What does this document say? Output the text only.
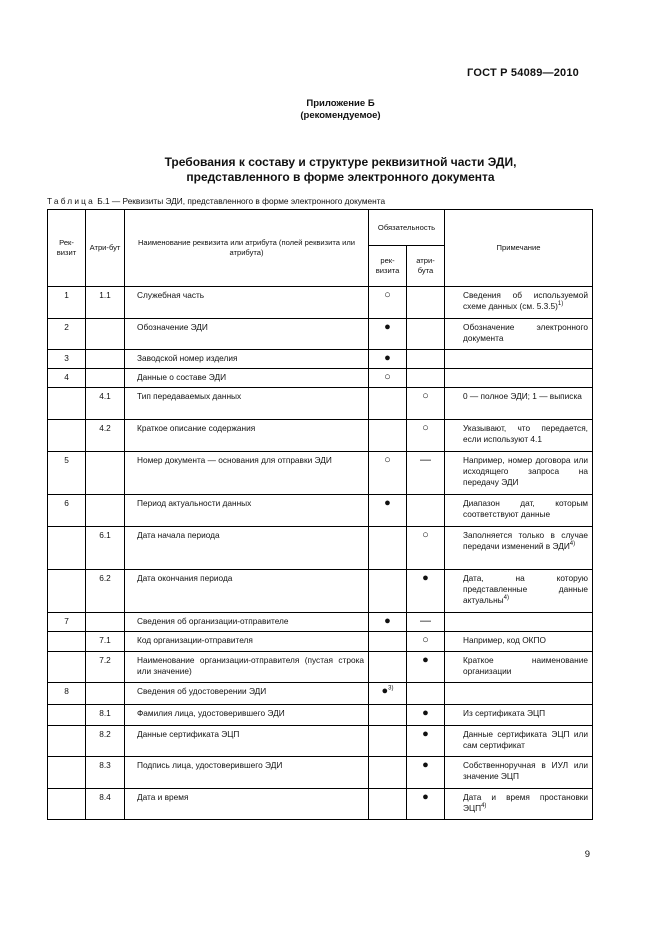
ГОСТ Р 54089—2010
Приложение Б
(рекомендуемое)
Требования к составу и структуре реквизитной части ЭДИ,
представленного в форме электронного документа
Таблица Б.1 — Реквизиты ЭДИ, представленного в форме электронного документа
Рек-визит	Атри-бут	Наименование реквизита или атрибута (полей реквизита или атрибута)	Обязательность		Примечание
			рек-визита	атри-бута	
1	1.1	Служебная часть	○		Сведения об используемой схеме данных (см. 5.3.5)$^{1)}$
2		Обозначение ЭДИ	●		Обозначение электронного документа
3		Заводской номер изделия	●		
4		Данные о составе ЭДИ	○		
	4.1	Тип передаваемых данных		○	0 — полное ЭДИ; 1 — выписка
	4.2	Краткое описание содержания		○	Указывают, что передается, если используют 4.1
5		Номер документа — основания для отправки ЭДИ	○	—	Например, номер договора или исходящего запроса на передачу ЭДИ
6		Период актуальности данных	●		Диапазон дат, которым соответствуют данные
	6.1	Дата начала периода		○	Заполняется только в случае передачи изменений в ЭДИ$^{4)}$
	6.2	Дата окончания периода		●	Дата, на которую представленные данные актуальны$^{4)}$
7		Сведения об организации-отправителе	●	—	
	7.1	Код организации-отправителя		○	Например, код ОКПО
	7.2	Наименование организации-отправителя (пустая строка или значение)		●	Краткое наименование организации
8		Сведения об удостоверении ЭДИ	●$^{3)}$		
	8.1	Фамилия лица, удостоверившего ЭДИ		●	Из сертификата ЭЦП
	8.2	Данные сертификата ЭЦП		●	Данные сертификата ЭЦП или сам сертификат
	8.3	Подпись лица, удостоверившего ЭДИ		●	Собственноручная в ИУЛ или значение ЭЦП
	8.4	Дата и время		●	Дата и время простановки ЭЦП$^{4)}$
9
